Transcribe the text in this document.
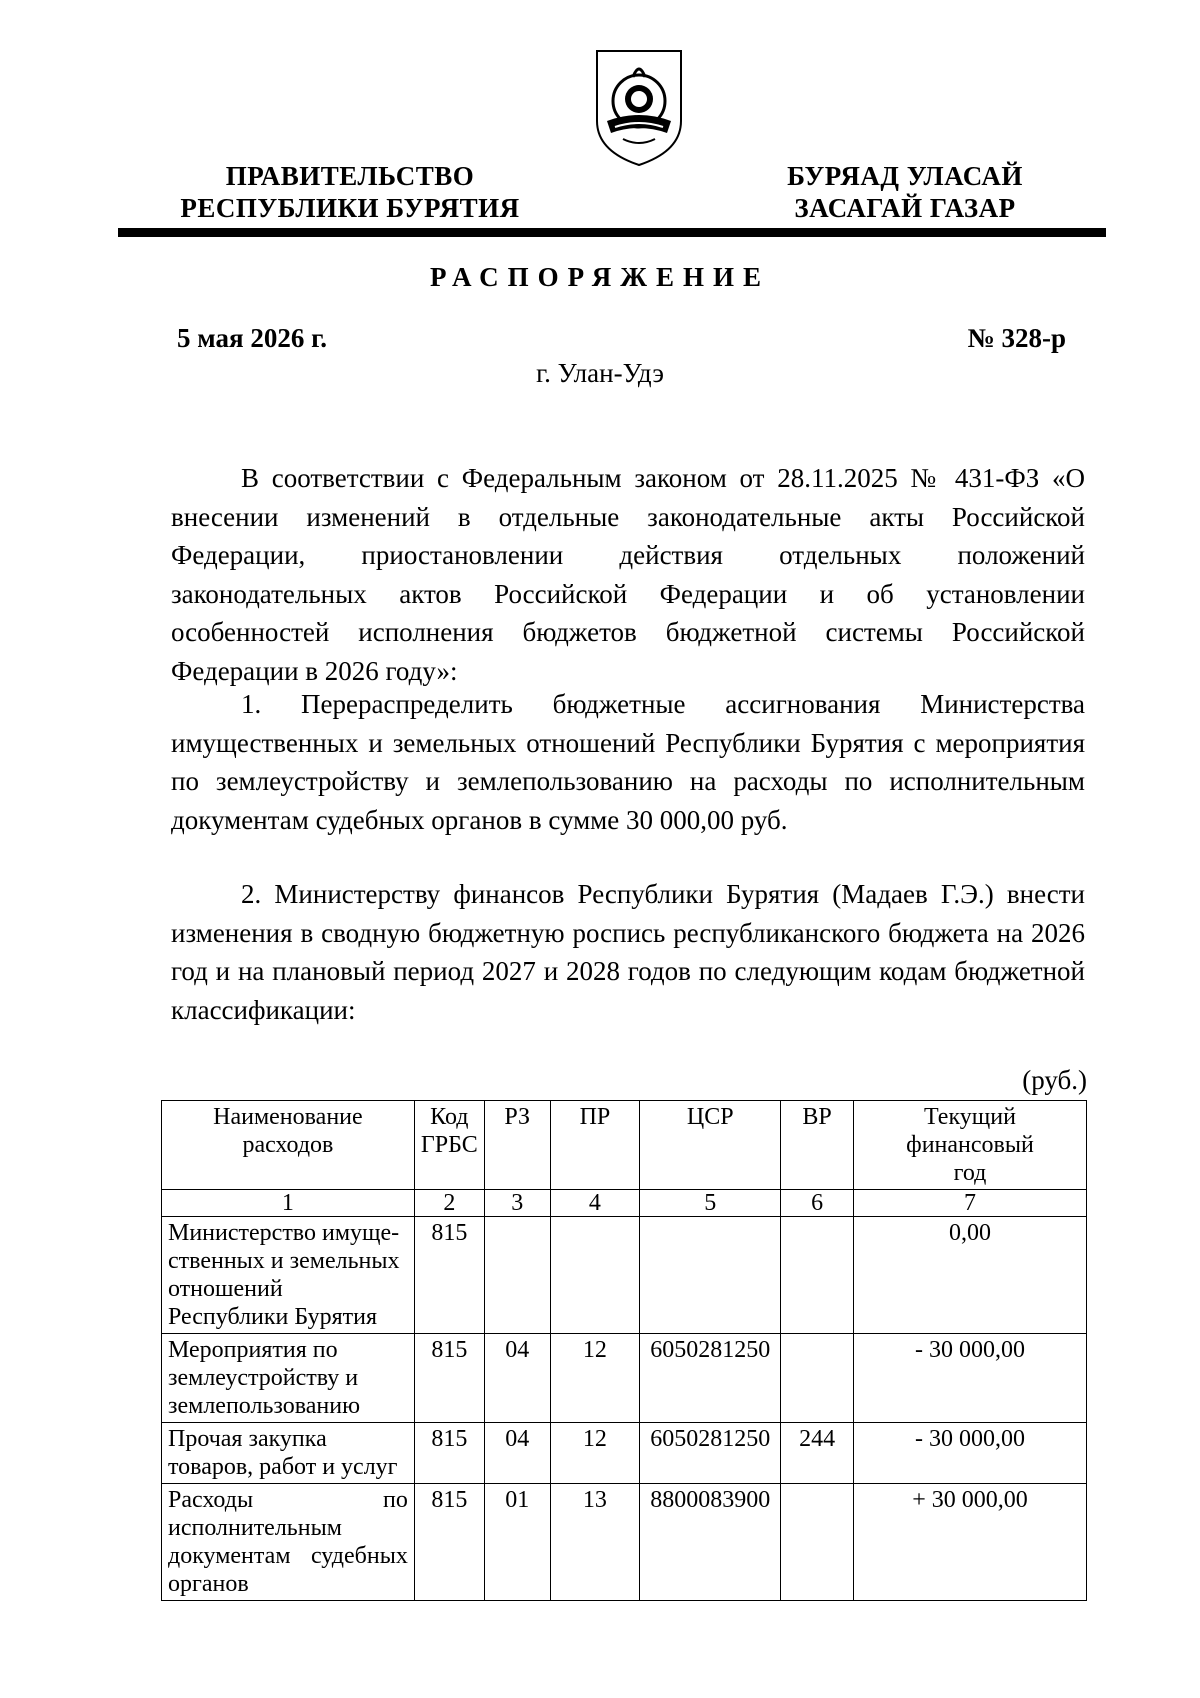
ПРАВИТЕЛЬСТВО
РЕСПУБЛИКИ БУРЯТИЯ
БУРЯАД УЛАСАЙ
ЗАСАГАЙ ГАЗАР
РАСПОРЯЖЕНИЕ
5 мая 2026 г.	№ 328-р
г. Улан-Удэ

В соответствии с Федеральным законом от 28.11.2025 № 431-ФЗ «О внесении изменений в отдельные законодательные акты Российской Федерации, приостановлении действия отдельных положений законодательных актов Российской Федерации и об установлении особенностей исполнения бюджетов бюджетной системы Российской Федерации в 2026 году»:

1. Перераспределить бюджетные ассигнования Министерства имущественных и земельных отношений Республики Бурятия с мероприятия по землеустройству и землепользованию на расходы по исполнительным документам судебных органов в сумме 30 000,00 руб.

2. Министерству финансов Республики Бурятия (Мадаев Г.Э.) внести изменения в сводную бюджетную роспись республиканского бюджета на 2026 год и на плановый период 2027 и 2028 годов по следующим кодам бюджетной классификации:

(руб.)
Наименование расходов	Код ГРБС	РЗ	ПР	ЦСР	ВР	Текущий финансовый год
1	2	3	4	5	6	7
Министерство имущественных и земельных отношений Республики Бурятия	815					0,00
Мероприятия по землеустройству и землепользованию	815	04	12	6050281250		- 30 000,00
Прочая закупка товаров, работ и услуг	815	04	12	6050281250	244	- 30 000,00
Расходы по исполнительным документам судебных органов	815	01	13	8800083900		+ 30 000,00
